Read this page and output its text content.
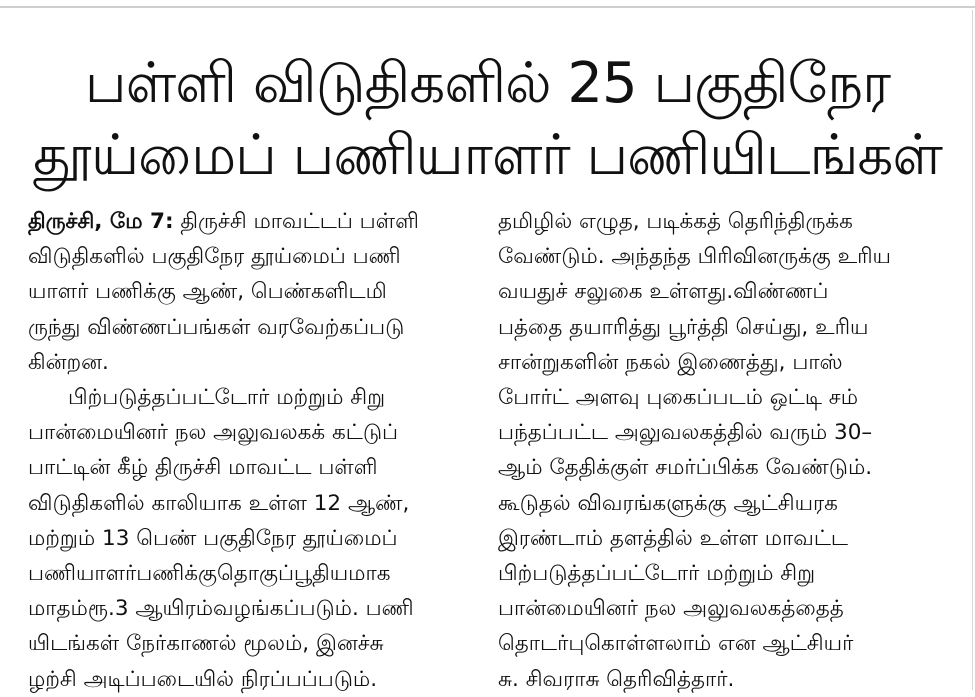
பள்ளி விடுதிகளில் 25 பகுதிநேர
தூய்மைப் பணியாளர் பணியிடங்கள்
திருச்சி, மே 7: திருச்சி மாவட்டப் பள்ளி
விடுதிகளில் பகுதிநேர தூய்மைப் பணி
யாளர் பணிக்கு ஆண், பெண்களிடமி
ருந்து விண்ணப்பங்கள் வரவேற்கப்படு
கின்றன.
பிற்படுத்தப்பட்டோர் மற்றும் சிறு
பான்மையினர் நல அலுவலகக் கட்டுப்
பாட்டின் கீழ் திருச்சி மாவட்ட பள்ளி
விடுதிகளில் காலியாக உள்ள 12 ஆண்,
மற்றும் 13 பெண் பகுதிநேர தூய்மைப்
பணியாளர்பணிக்குதொகுப்பூதியமாக
மாதம்ரூ.3 ஆயிரம்வழங்கப்படும். பணி
யிடங்கள் நேர்காணல் மூலம், இனச்சு
ழற்சி அடிப்படையில் நிரப்பப்படும்.
தமிழில் எழுத, படிக்கத் தெரிந்திருக்க
வேண்டும். அந்தந்த பிரிவினருக்கு உரிய
வயதுச் சலுகை உள்ளது.விண்ணப்
பத்தை தயாரித்து பூர்த்தி செய்து, உரிய
சான்றுகளின் நகல் இணைத்து, பாஸ்
போர்ட் அளவு புகைப்படம் ஒட்டி சம்
பந்தப்பட்ட அலுவலகத்தில் வரும் 30–
ஆம் தேதிக்குள் சமர்ப்பிக்க வேண்டும்.
கூடுதல் விவரங்களுக்கு ஆட்சியரக
இரண்டாம் தளத்தில் உள்ள மாவட்ட
பிற்படுத்தப்பட்டோர் மற்றும் சிறு
பான்மையினர் நல அலுவலகத்தைத்
தொடர்புகொள்ளலாம் என ஆட்சியர்
சு. சிவராசு தெரிவித்தார்.
